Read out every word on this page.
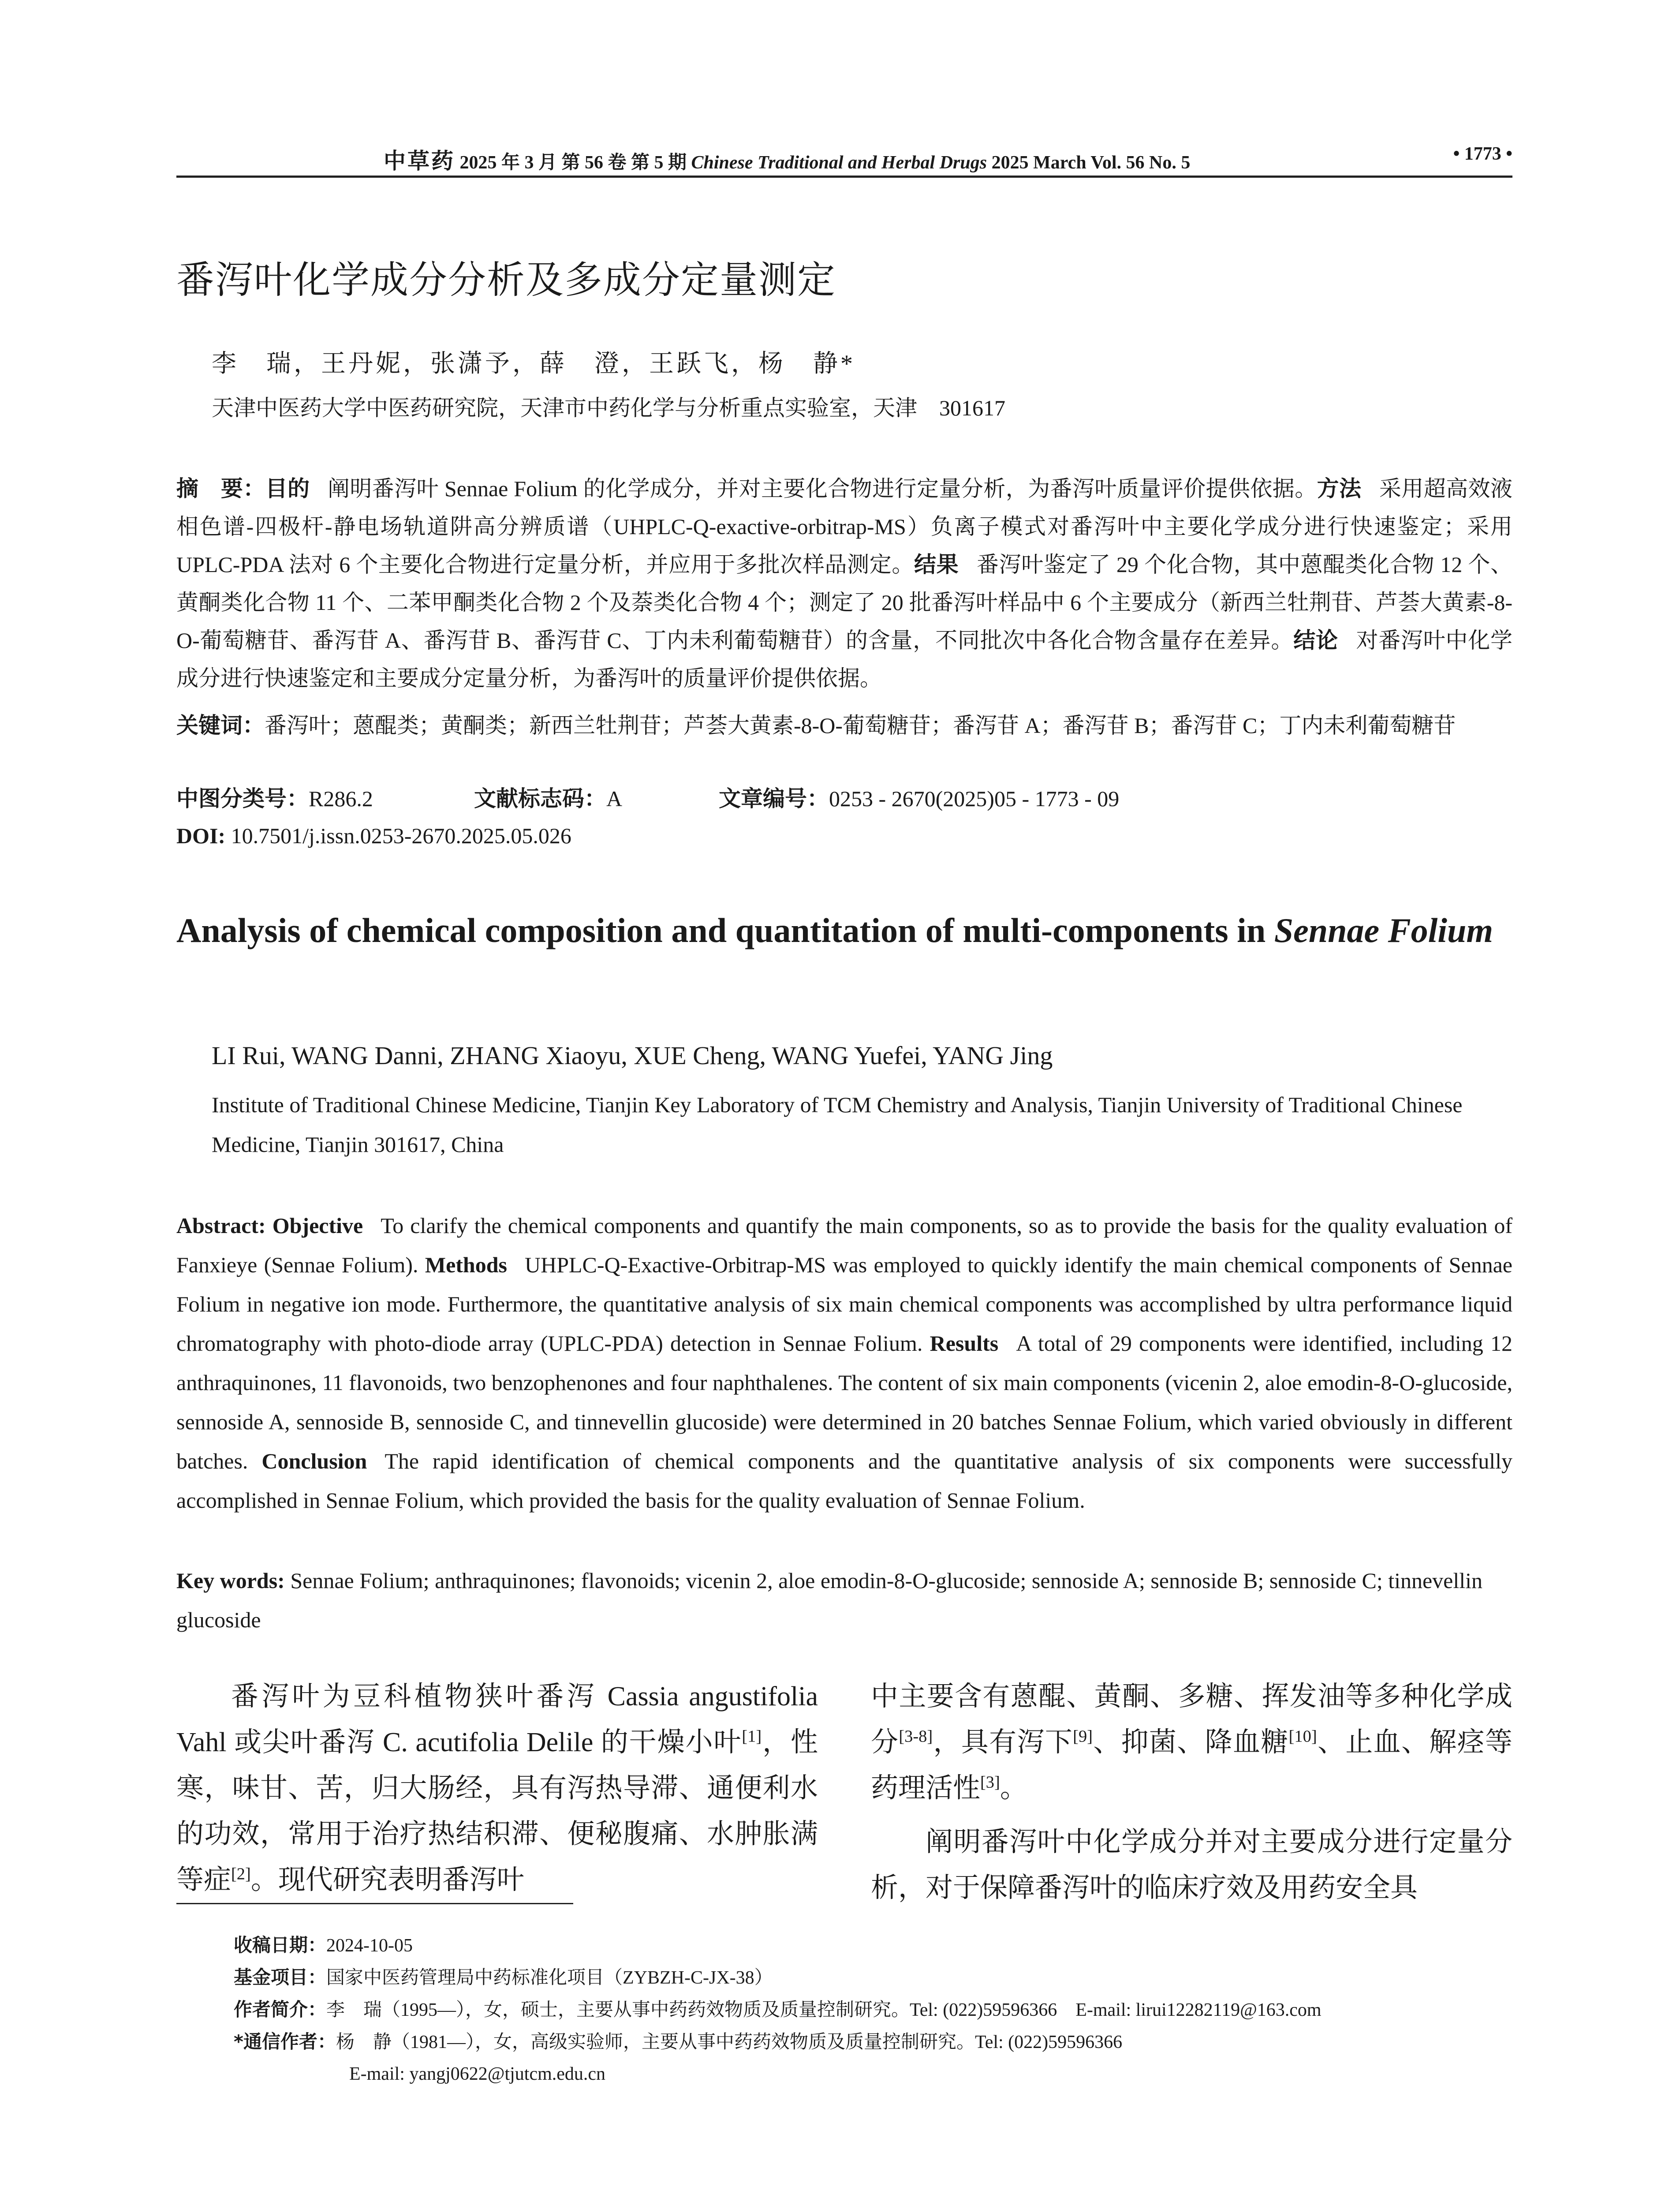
中草药 2025 年 3 月 第 56 卷 第 5 期 Chinese Traditional and Herbal Drugs 2025 March Vol. 56 No. 5	• 1773 •
番泻叶化学成分分析及多成分定量测定
李　瑞，王丹妮，张潇予，薛　澄，王跃飞，杨　静*
天津中医药大学中医药研究院，天津市中药化学与分析重点实验室，天津　301617
摘　要：目的 阐明番泻叶 Sennae Folium 的化学成分，并对主要化合物进行定量分析，为番泻叶质量评价提供依据。方法 采用超高效液相色谱-四极杆-静电场轨道阱高分辨质谱（UHPLC-Q-exactive-orbitrap-MS）负离子模式对番泻叶中主要化学成分进行快速鉴定；采用 UPLC-PDA 法对 6 个主要化合物进行定量分析，并应用于多批次样品测定。结果 番泻叶鉴定了 29 个化合物，其中蒽醌类化合物 12 个、黄酮类化合物 11 个、二苯甲酮类化合物 2 个及萘类化合物 4 个；测定了 20 批番泻叶样品中 6 个主要成分（新西兰牡荆苷、芦荟大黄素-8-O-葡萄糖苷、番泻苷 A、番泻苷 B、番泻苷 C、丁内未利葡萄糖苷）的含量，不同批次中各化合物含量存在差异。结论 对番泻叶中化学成分进行快速鉴定和主要成分定量分析，为番泻叶的质量评价提供依据。
关键词：番泻叶；蒽醌类；黄酮类；新西兰牡荆苷；芦荟大黄素-8-O-葡萄糖苷；番泻苷 A；番泻苷 B；番泻苷 C；丁内未利葡萄糖苷
中图分类号：R286.2	文献标志码：A	文章编号：0253 - 2670(2025)05 - 1773 - 09
DOI: 10.7501/j.issn.0253-2670.2025.05.026
Analysis of chemical composition and quantitation of multi-components in Sennae Folium
LI Rui, WANG Danni, ZHANG Xiaoyu, XUE Cheng, WANG Yuefei, YANG Jing
Institute of Traditional Chinese Medicine, Tianjin Key Laboratory of TCM Chemistry and Analysis, Tianjin University of Traditional Chinese Medicine, Tianjin 301617, China
Abstract: Objective To clarify the chemical components and quantify the main components, so as to provide the basis for the quality evaluation of Fanxieye (Sennae Folium). Methods UHPLC-Q-Exactive-Orbitrap-MS was employed to quickly identify the main chemical components of Sennae Folium in negative ion mode. Furthermore, the quantitative analysis of six main chemical components was accomplished by ultra performance liquid chromatography with photo-diode array (UPLC-PDA) detection in Sennae Folium. Results A total of 29 components were identified, including 12 anthraquinones, 11 flavonoids, two benzophenones and four naphthalenes. The content of six main components (vicenin 2, aloe emodin-8-O-glucoside, sennoside A, sennoside B, sennoside C, and tinnevellin glucoside) were determined in 20 batches Sennae Folium, which varied obviously in different batches. Conclusion The rapid identification of chemical components and the quantitative analysis of six components were successfully accomplished in Sennae Folium, which provided the basis for the quality evaluation of Sennae Folium.
Key words: Sennae Folium; anthraquinones; flavonoids; vicenin 2, aloe emodin-8-O-glucoside; sennoside A; sennoside B; sennoside C; tinnevellin glucoside

番泻叶为豆科植物狭叶番泻 Cassia angustifolia Vahl 或尖叶番泻 C. acutifolia Delile 的干燥小叶[1]，性寒，味甘、苦，归大肠经，具有泻热导滞、通便利水的功效，常用于治疗热结积滞、便秘腹痛、水肿胀满等症[2]。现代研究表明番泻叶

中主要含有蒽醌、黄酮、多糖、挥发油等多种化学成分[3-8]，具有泻下[9]、抑菌、降血糖[10]、止血、解痉等药理活性[3]。

阐明番泻叶中化学成分并对主要成分进行定量分析，对于保障番泻叶的临床疗效及用药安全具

收稿日期：2024-10-05
基金项目：国家中医药管理局中药标准化项目（ZYBZH-C-JX-38）
作者简介：李　瑞（1995—），女，硕士，主要从事中药药效物质及质量控制研究。Tel: (022)59596366　E-mail: lirui12282119@163.com
*通信作者：杨　静（1981—），女，高级实验师，主要从事中药药效物质及质量控制研究。Tel: (022)59596366
E-mail: yangj0622@tjutcm.edu.cn
